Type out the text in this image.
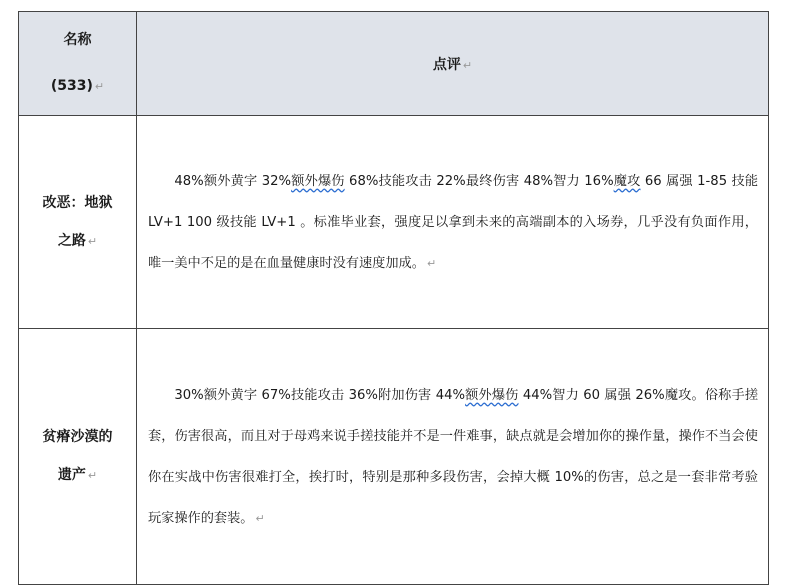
名称
(533) ↵	点评 ↵

改恶：地狱
之路 ↵	48%额外黄字 32%额外爆伤 68%技能攻击 22%最终伤害 48%智力 16%魔攻 66 属强 1-85 技能 LV+1 100 级技能 LV+1 。标准毕业套，强度足以拿到未来的高端副本的入场券，几乎没有负面作用，唯一美中不足的是在血量健康时没有速度加成。 ↵

贫瘠沙漠的
遗产 ↵	30%额外黄字 67%技能攻击 36%附加伤害 44%额外爆伤 44%智力 60 属强 26%魔攻。俗称手搓套，伤害很高，而且对于母鸡来说手搓技能并不是一件难事，缺点就是会增加你的操作量，操作不当会使你在实战中伤害很难打全，挨打时，特别是那种多段伤害，会掉大概 10%的伤害，总之是一套非常考验玩家操作的套装。 ↵
